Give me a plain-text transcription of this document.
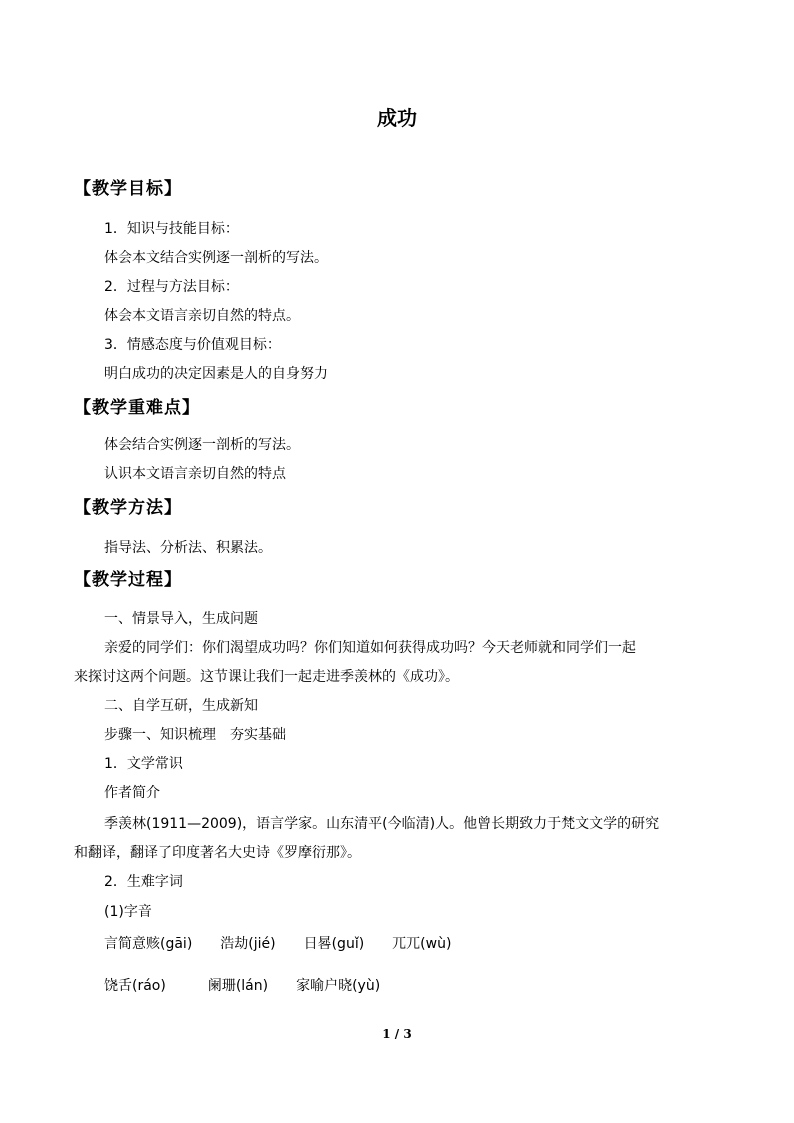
成功
【教学目标】
1．知识与技能目标：
体会本文结合实例逐一剖析的写法。
2．过程与方法目标：
体会本文语言亲切自然的特点。
3．情感态度与价值观目标：
明白成功的决定因素是人的自身努力
【教学重难点】
体会结合实例逐一剖析的写法。
认识本文语言亲切自然的特点
【教学方法】
指导法、分析法、积累法。
【教学过程】
一、情景导入，生成问题
亲爱的同学们：你们渴望成功吗？你们知道如何获得成功吗？今天老师就和同学们一起
来探讨这两个问题。这节课让我们一起走进季羡林的《成功》。
二、自学互研，生成新知
步骤一、知识梳理　夯实基础
1．文学常识
作者简介
季羡林(1911—2009)，语言学家。山东清平(今临清)人。他曾长期致力于梵文文学的研究
和翻译，翻译了印度著名大史诗《罗摩衍那》。
2．生难字词
(1)字音
言简意赅(gāi)　　浩劫(jié)　　日晷(guǐ)　　兀兀(wù)
饶舌(ráo)　　　阑珊(lán)　　家喻户晓(yù)
1 / 3
